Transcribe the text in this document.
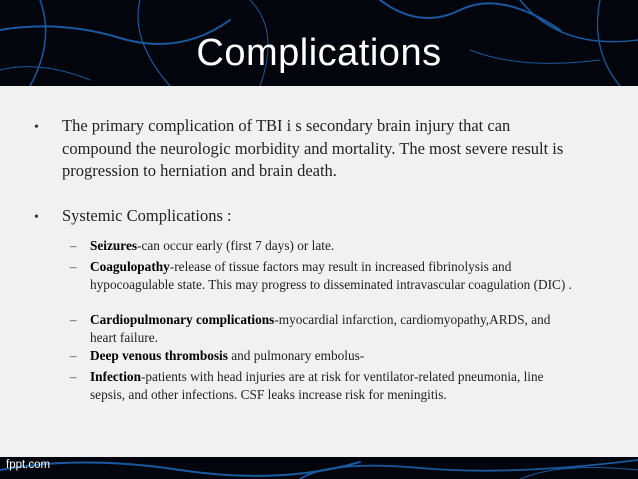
Complications
• The primary complication of TBI i s secondary brain injury that can compound the neurologic morbidity and mortality. The most severe result is progression to herniation and brain death.
• Systemic Complications :
– Seizures-can occur early (first 7 days) or late.
– Coagulopathy-release of tissue factors may result in increased fibrinolysis and hypocoagulable state. This may progress to disseminated intravascular coagulation (DIC) .
– Cardiopulmonary complications-myocardial infarction, cardiomyopathy,ARDS, and heart failure.
– Deep venous thrombosis and pulmonary embolus-
– Infection-patients with head injuries are at risk for ventilator-related pneumonia, line sepsis, and other infections. CSF leaks increase risk for meningitis.
fppt.com
